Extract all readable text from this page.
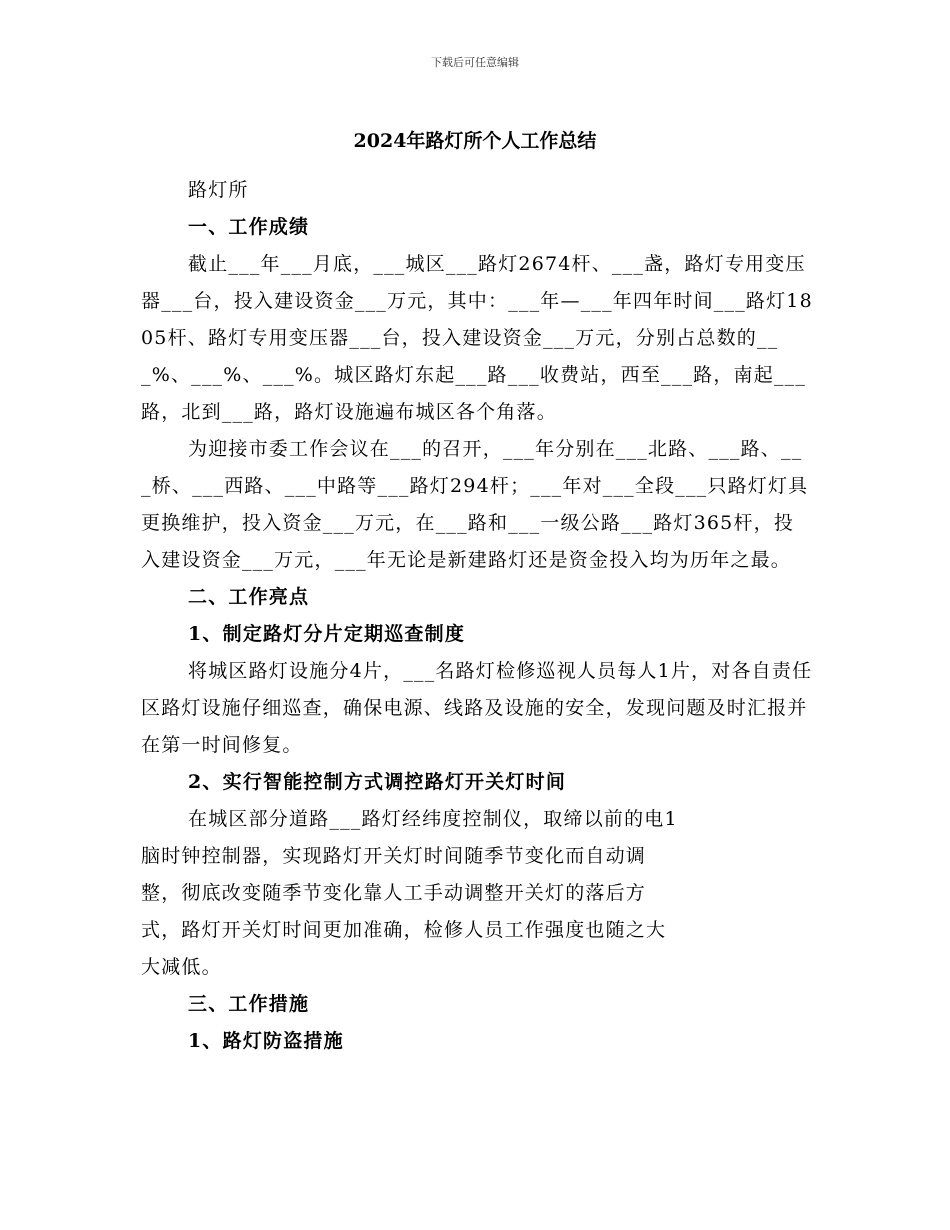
下载后可任意编辑
2024年路灯所个人工作总结

路灯所

一、工作成绩

截止___年___月底，___城区___路灯2674杆、___盏，路灯专用变压器___台，投入建设资金___万元，其中：___年—___年四年时间___路灯1805杆、路灯专用变压器___台，投入建设资金___万元，分别占总数的___%、___%、___%。城区路灯东起___路___收费站，西至___路，南起___路，北到___路，路灯设施遍布城区各个角落。

为迎接市委工作会议在___的召开，___年分别在___北路、___路、___桥、___西路、___中路等___路灯294杆；___年对___全段___只路灯灯具更换维护，投入资金___万元，在___路和___一级公路___路灯365杆，投入建设资金___万元，___年无论是新建路灯还是资金投入均为历年之最。

二、工作亮点

1、制定路灯分片定期巡查制度

将城区路灯设施分4片，___名路灯检修巡视人员每人1片，对各自责任区路灯设施仔细巡查，确保电源、线路及设施的安全，发现问题及时汇报并在第一时间修复。

2、实行智能控制方式调控路灯开关灯时间

在城区部分道路___路灯经纬度控制仪，取缔以前的电1

脑时钟控制器，实现路灯开关灯时间随季节变化而自动调

整，彻底改变随季节变化靠人工手动调整开关灯的落后方

式，路灯开关灯时间更加准确，检修人员工作强度也随之大

大减低。

三、工作措施

1、路灯防盗措施
